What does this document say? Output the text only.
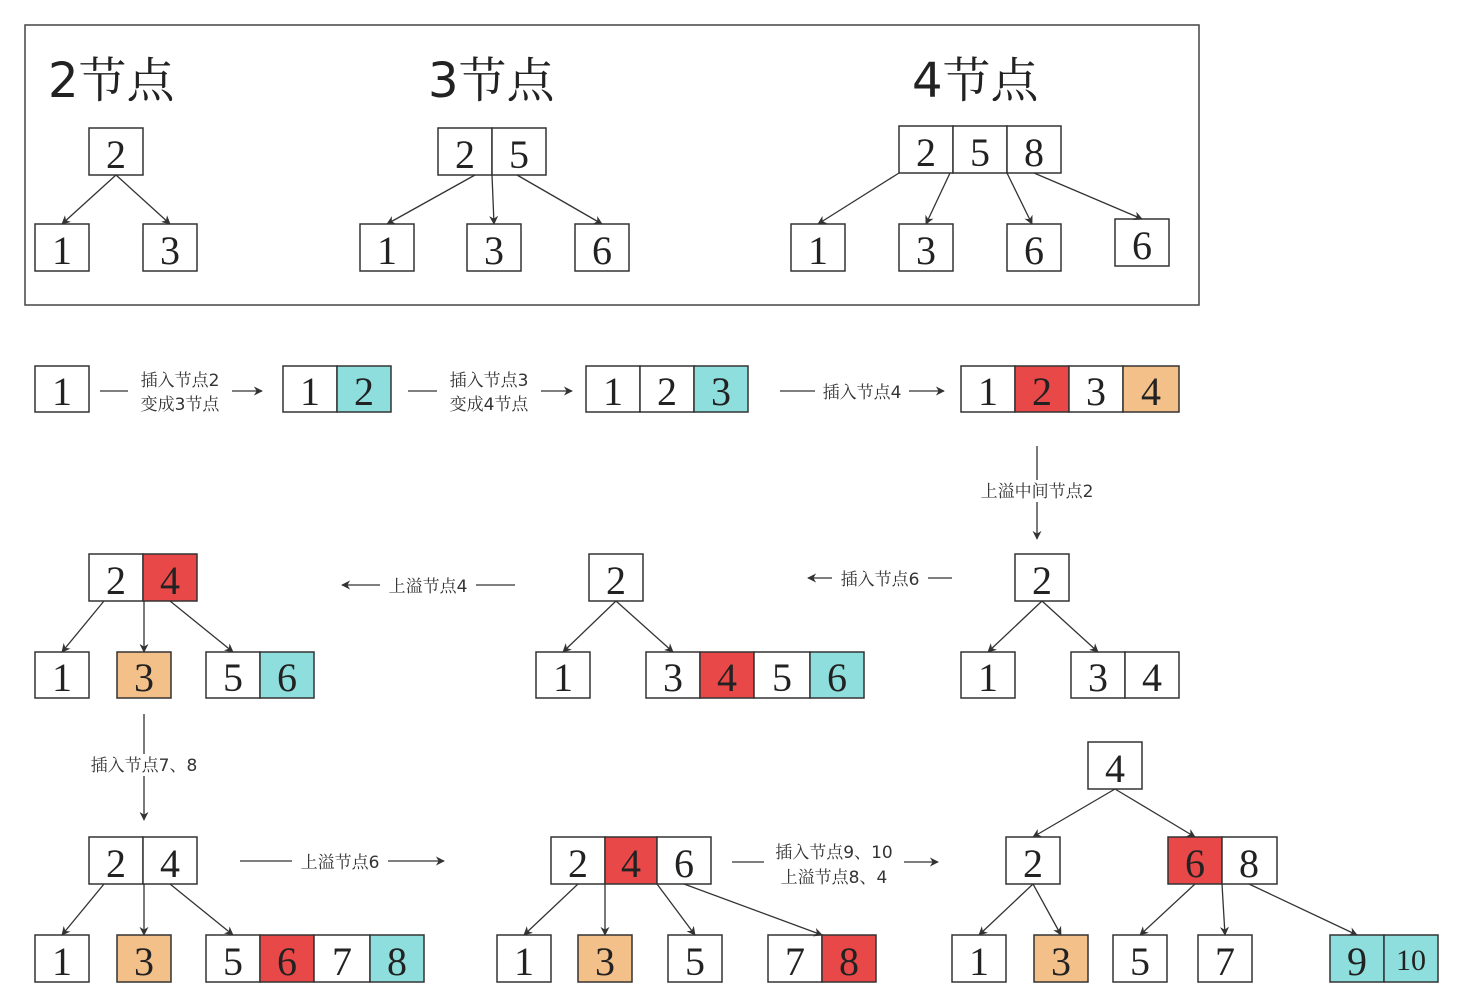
2节点
2
1 3
3节点
2 5
1 3 6
4节点
2 5 8
1 3 6 6
1	插入节点2
变成3节点 1 2	插入节点3
变成4节点 1 2 3	插入节点4 1 2 3 4
上溢中间节点2
2
1 3 4
插入节点6
2
1 3 4 5 6
上溢节点4
2 4
1 3 5 6
插入节点7、8
2 4
1 3 5 6 7 8
上溢节点6	2 4 6
1 3 5 7 8
插入节点9、10
上溢节点8、4
4
2	6 8
1 3 5 7	9 10
